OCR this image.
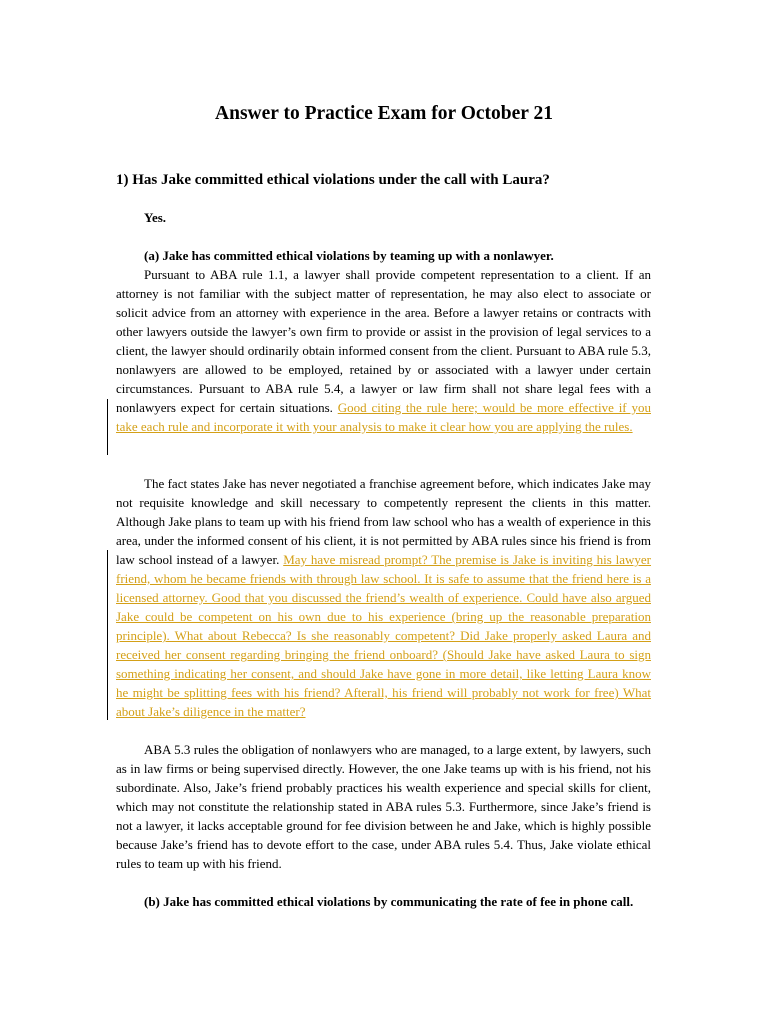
Answer to Practice Exam for October 21

1) Has Jake committed ethical violations under the call with Laura?

Yes.

(a) Jake has committed ethical violations by teaming up with a nonlawyer.

Pursuant to ABA rule 1.1, a lawyer shall provide competent representation to a client. If an attorney is not familiar with the subject matter of representation, he may also elect to associate or solicit advice from an attorney with experience in the area. Before a lawyer retains or contracts with other lawyers outside the lawyer’s own firm to provide or assist in the provision of legal services to a client, the lawyer should ordinarily obtain informed consent from the client. Pursuant to ABA rule 5.3, nonlawyers are allowed to be employed, retained by or associated with a lawyer under certain circumstances. Pursuant to ABA rule 5.4, a lawyer or law firm shall not share legal fees with a nonlawyers expect for certain situations. Good citing the rule here; would be more effective if you take each rule and incorporate it with your analysis to make it clear how you are applying the rules.

The fact states Jake has never negotiated a franchise agreement before, which indicates Jake may not requisite knowledge and skill necessary to competently represent the clients in this matter. Although Jake plans to team up with his friend from law school who has a wealth of experience in this area, under the informed consent of his client, it is not permitted by ABA rules since his friend is from law school instead of a lawyer. May have misread prompt? The premise is Jake is inviting his lawyer friend, whom he became friends with through law school. It is safe to assume that the friend here is a licensed attorney. Good that you discussed the friend’s wealth of experience. Could have also argued Jake could be competent on his own due to his experience (bring up the reasonable preparation principle). What about Rebecca? Is she reasonably competent? Did Jake properly asked Laura and received her consent regarding bringing the friend onboard? (Should Jake have asked Laura to sign something indicating her consent, and should Jake have gone in more detail, like letting Laura know he might be splitting fees with his friend? Afterall, his friend will probably not work for free) What about Jake’s diligence in the matter?

ABA 5.3 rules the obligation of nonlawyers who are managed, to a large extent, by lawyers, such as in law firms or being supervised directly. However, the one Jake teams up with is his friend, not his subordinate. Also, Jake’s friend probably practices his wealth experience and special skills for client, which may not constitute the relationship stated in ABA rules 5.3. Furthermore, since Jake’s friend is not a lawyer, it lacks acceptable ground for fee division between he and Jake, which is highly possible because Jake’s friend has to devote effort to the case, under ABA rules 5.4. Thus, Jake violate ethical rules to team up with his friend.

(b) Jake has committed ethical violations by communicating the rate of fee in phone call.
